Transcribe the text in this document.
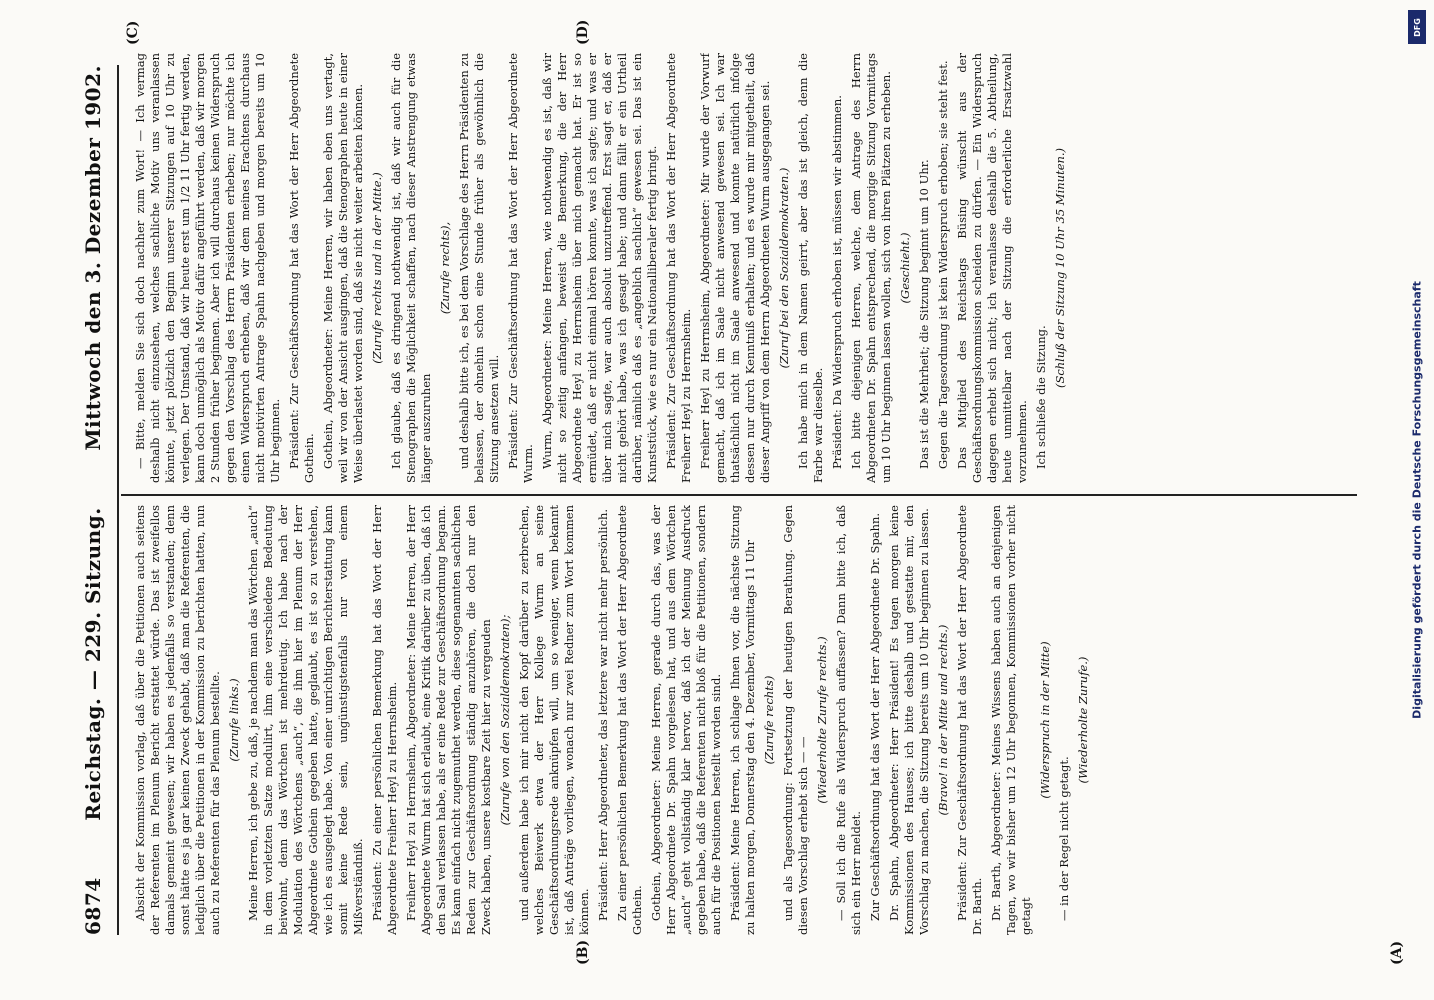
6874
Reichstag. — 229. Sitzung.
Mittwoch den 3. Dezember 1902.

Absicht der Kommission vorlag, daß über die Petitionen auch seitens der Referenten im Plenum Bericht erstattet würde. Das ist zweifellos damals gemeint gewesen; wir haben es jedenfalls so verstanden; denn sonst hätte es ja gar keinen Zweck gehabt, daß man die Referenten, die lediglich über die Petitionen in der Kommission zu berichten hatten, nun auch zu Referenten für das Plenum bestellte. (Zurufe links.) Meine Herren, ich gebe zu, daß, je nachdem man das Wörtchen „auch“ in dem vorletzten Satze modulirt, ihm eine verschiedene Bedeutung beiwohnt, denn das Wörtchen ist mehrdeutig. Ich habe nach der Modulation des Wörtchens „auch“, die ihm hier im Plenum der Herr Abgeordnete Gothein gegeben hatte, geglaubt, es ist so zu verstehen, wie ich es ausgelegt habe. Von einer unrichtigen Berichterstattung kann somit keine Rede sein, ungünstigstenfalls nur von einem Mißverständniß. Präsident: Zu einer persönlichen Bemerkung hat das Wort der Herr Abgeordnete Freiherr Heyl zu Herrnsheim. Freiherr Heyl zu Herrnsheim, Abgeordneter: Meine Herren, der Herr Abgeordnete Wurm hat sich erlaubt, eine Kritik darüber zu üben, daß ich den Saal verlassen habe, als er eine Rede zur Geschäftsordnung begann. Es kann einfach nicht zugemuthet werden, diese sogenannten sachlichen Reden zur Geschäftsordnung ständig anzuhören, die doch nur den Zweck haben, unsere kostbare Zeit hier zu vergeuden (Zurufe von den Sozialdemokraten); und außerdem habe ich mir nicht den Kopf darüber zu zerbrechen, welches Beiwerk etwa der Herr Kollege Wurm an seine Geschäftsordnungsrede anknüpfen will, um so weniger, wenn bekannt ist, daß Anträge vorliegen, wonach nur zwei Redner zum Wort kommen können. Präsident: Herr Abgeordneter, das letztere war nicht mehr persönlich. Zu einer persönlichen Bemerkung hat das Wort der Herr Abgeordnete Gothein. Gothein, Abgeordneter: Meine Herren, gerade durch das, was der Herr Abgeordnete Dr. Spahn vorgelesen hat, und aus dem Wörtchen „auch“ geht vollständig klar hervor, daß ich der Meinung Ausdruck gegeben habe, daß die Referenten nicht bloß für die Petitionen, sondern auch für die Positionen bestellt worden sind. Präsident: Meine Herren, ich schlage Ihnen vor, die nächste Sitzung zu halten morgen, Donnerstag den 4. Dezember, Vormittags 11 Uhr (Zurufe rechts) und als Tagesordnung: Fortsetzung der heutigen Berathung. Gegen diesen Vorschlag erhebt sich — —

(Wiederholte Zurufe rechts.) — Soll ich die Rufe als Widerspruch auffassen? Dann bitte ich, daß sich ein Herr meldet. Zur Geschäftsordnung hat das Wort der Herr Abgeordnete Dr. Spahn. Dr. Spahn, Abgeordneter: Herr Präsident! Es tagen morgen keine Kommissionen des Hauses; ich bitte deshalb und gestatte mir, den Vorschlag zu machen, die Sitzung bereits um 10 Uhr beginnen zu lassen. (Bravo! in der Mitte und rechts.) Präsident: Zur Geschäftsordnung hat das Wort der Herr Abgeordnete Dr. Barth. Dr. Barth, Abgeordneter: Meines Wissens haben auch an denjenigen Tagen, wo wir bisher um 12 Uhr begonnen, Kommissionen vorher nicht getagt

(Widerspruch in der Mitte)

— in der Regel nicht getagt.

(Wiederholte Zurufe.)

— Bitte, melden Sie sich doch nachher zum Wort! — Ich vermag deshalb nicht einzusehen, welches sachliche Motiv uns veranlassen könnte, jetzt plötzlich den Beginn unserer Sitzungen auf 10 Uhr zu verlegen. Der Umstand, daß wir heute erst um 1/2 11 Uhr fertig werden, kann doch unmöglich als Motiv dafür angeführt werden, daß wir morgen 2 Stunden früher beginnen. Aber ich will durchaus keinen Widerspruch gegen den Vorschlag des Herrn Präsidenten erheben; nur möchte ich einen Widerspruch erheben, daß wir dem meines Erachtens durchaus nicht motivirten Antrage Spahn nachgeben und morgen bereits um 10 Uhr beginnen. Präsident: Zur Geschäftsordnung hat das Wort der Herr Abgeordnete Gothein. Gothein, Abgeordneter: Meine Herren, wir haben eben uns vertagt, weil wir von der Ansicht ausgingen, daß die Stenographen heute in einer Weise überlastet worden sind, daß sie nicht weiter arbeiten können. (Zurufe rechts und in der Mitte.) Ich glaube, daß es dringend nothwendig ist, daß wir auch für die Stenographen die Möglichkeit schaffen, nach dieser Anstrengung etwas länger auszuruhen

(Zurufe rechts), und deshalb bitte ich, es bei dem Vorschlage des Herrn Präsidenten zu belassen, der ohnehin schon eine Stunde früher als gewöhnlich die Sitzung ansetzen will. Präsident: Zur Geschäftsordnung hat das Wort der Herr Abgeordnete Wurm. Wurm, Abgeordneter: Meine Herren, wie nothwendig es ist, daß wir nicht so zeitig anfangen, beweist die Bemerkung, die der Herr Abgeordnete Heyl zu Herrnsheim über mich gemacht hat. Er ist so ermüdet, daß er nicht einmal hören konnte, was ich sagte; und was er über mich sagte, war auch absolut unzutreffend. Erst sagt er, daß er nicht gehört habe, was ich gesagt habe; und dann fällt er ein Urtheil darüber, nämlich daß es „angeblich sachlich“ gewesen sei. Das ist ein Kunststück, wie es nur ein Nationalliberaler fertig bringt. Präsident: Zur Geschäftsordnung hat das Wort der Herr Abgeordnete Freiherr Heyl zu Herrnsheim. Freiherr Heyl zu Herrnsheim, Abgeordneter: Mir wurde der Vorwurf gemacht, daß ich im Saale nicht anwesend gewesen sei. Ich war thatsächlich nicht im Saale anwesend und konnte natürlich infolge dessen nur durch Kenntniß erhalten; und es wurde mir mitgetheilt, daß dieser Angriff von dem Herrn Abgeordneten Wurm ausgegangen sei. (Zuruf bei den Sozialdemokraten.) Ich habe mich in dem Namen geirrt, aber das ist gleich, denn die Farbe war dieselbe. Präsident: Da Widerspruch erhoben ist, müssen wir abstimmen. Ich bitte diejenigen Herren, welche, dem Antrage des Herrn Abgeordneten Dr. Spahn entsprechend, die morgige Sitzung Vormittags um 10 Uhr beginnen lassen wollen, sich von ihren Plätzen zu erheben. (Geschieht.) Das ist die Mehrheit; die Sitzung beginnt um 10 Uhr. Gegen die Tagesordnung ist kein Widerspruch erhoben; sie steht fest. Das Mitglied des Reichstags Büsing wünscht aus der Geschäftsordnungskommission scheiden zu dürfen. — Ein Widerspruch dagegen erhebt sich nicht; ich veranlasse deshalb die 5. Abtheilung, heute unmittelbar nach der Sitzung die erforderliche Ersatzwahl vorzunehmen. Ich schließe die Sitzung.

(Schluß der Sitzung 10 Uhr 35 Minuten.)

(A)
(B)
(C)	(D)	DFG
Digitalisierung gefördert durch die Deutsche Forschungsgemeinschaft
